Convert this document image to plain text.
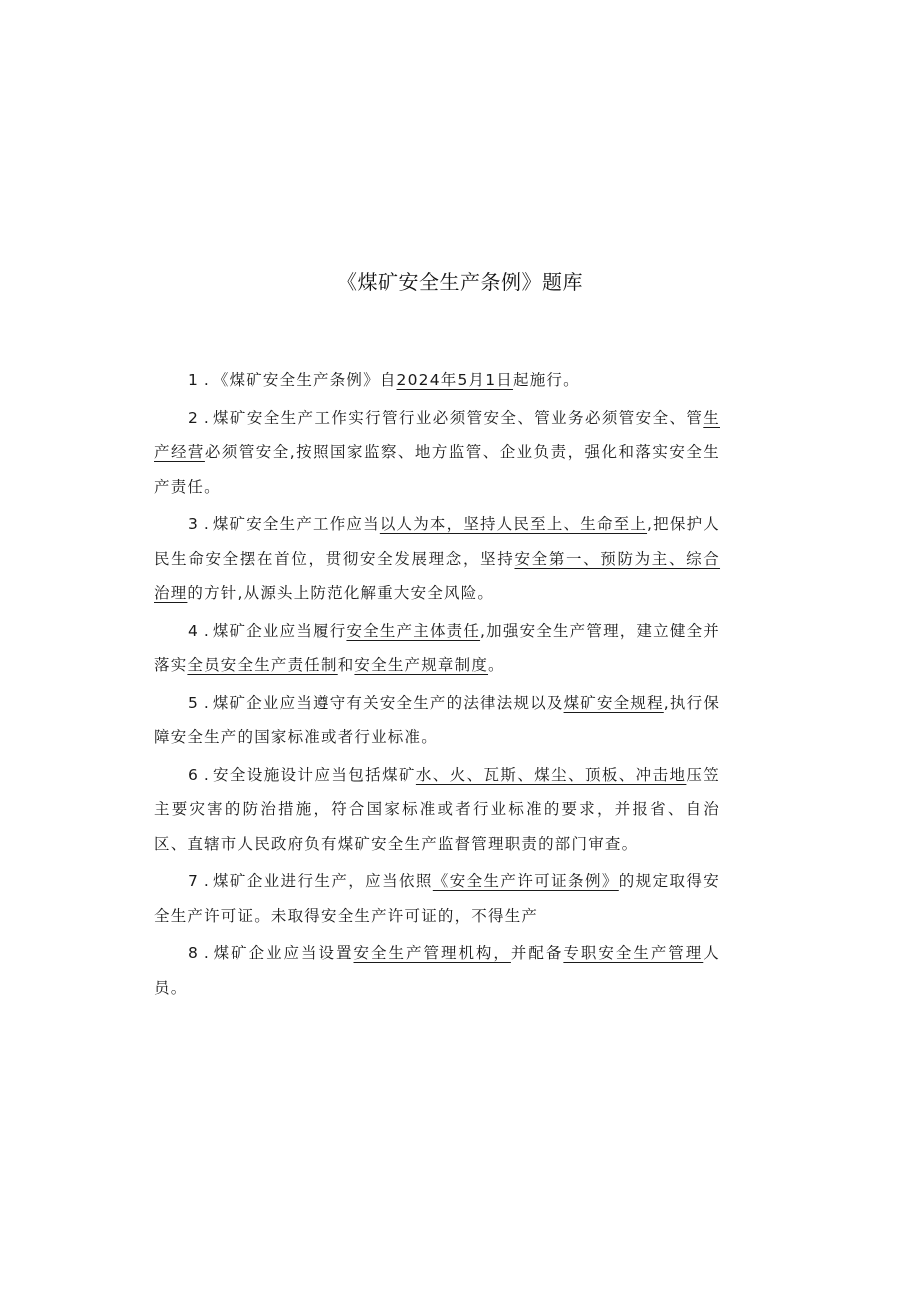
《煤矿安全生产条例》题库

1 . 《煤矿安全生产条例》自2024年5月1日起施行。

2 . 煤矿安全生产工作实行管行业必须管安全、管业务必须管安全、管生产经营必须管安全,按照国家监察、地方监管、企业负责，强化和落实安全生产责任。

3 . 煤矿安全生产工作应当以人为本，坚持人民至上、生命至上,把保护人民生命安全摆在首位，贯彻安全发展理念，坚持安全第一、预防为主、综合治理的方针,从源头上防范化解重大安全风险。

4 . 煤矿企业应当履行安全生产主体责任,加强安全生产管理，建立健全并落实全员安全生产责任制和安全生产规章制度。

5 . 煤矿企业应当遵守有关安全生产的法律法规以及煤矿安全规程,执行保障安全生产的国家标准或者行业标准。

6 . 安全设施设计应当包括煤矿水、火、瓦斯、煤尘、顶板、冲击地压笠主要灾害的防治措施，符合国家标准或者行业标准的要求，并报省、自治区、直辖市人民政府负有煤矿安全生产监督管理职责的部门审查。

7 . 煤矿企业进行生产，应当依照《安全生产许可证条例》的规定取得安全生产许可证。未取得安全生产许可证的，不得生产

8 . 煤矿企业应当设置安全生产管理机构，并配备专职安全生产管理人员。
